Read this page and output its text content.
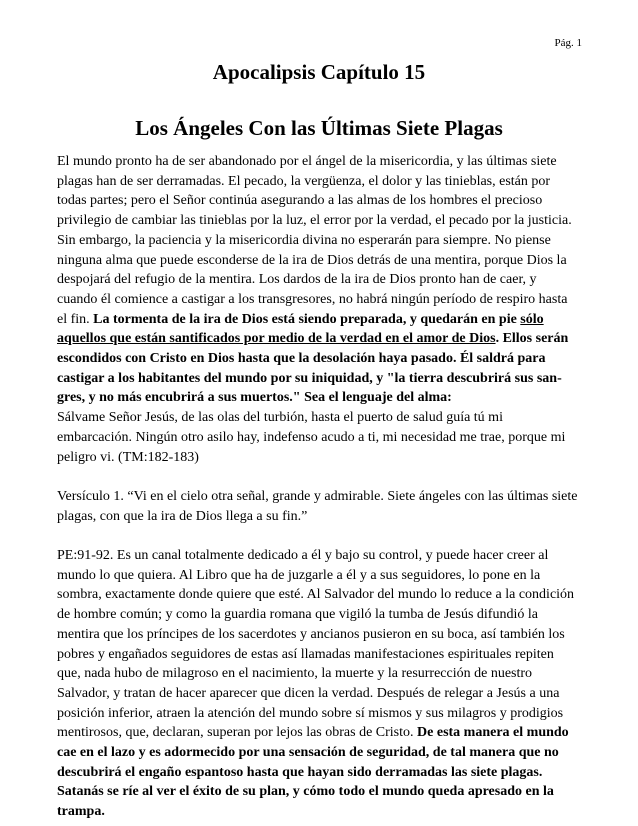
Pág. 1
Apocalipsis Capítulo 15
Los Ángeles Con las Últimas Siete Plagas

El mundo pronto ha de ser abandonado por el ángel de la misericordia, y las últimas siete plagas han de ser derramadas. El pecado, la vergüenza, el dolor y las tinieblas, están por todas partes; pero el Señor continúa asegurando a las almas de los hombres el precioso privilegio de cambiar las tinieblas por la luz, el error por la verdad, el pecado por la justicia. Sin embargo, la paciencia y la misericordia divina no esperarán para siempre. No piense ninguna alma que puede esconderse de la ira de Dios detrás de una mentira, porque Dios la despojará del refugio de la mentira. Los dardos de la ira de Dios pronto han de caer, y cuando él comience a castigar a los transgresores, no habrá ningún período de respiro hasta el fin. La tormenta de la ira de Dios está siendo preparada, y quedarán en pie sólo aquellos que están santificados por medio de la verdad en el amor de Dios. Ellos serán escondidos con Cristo en Dios hasta que la desolación haya pasado. Él saldrá para castigar a los habitantes del mundo por su iniquidad, y "la tierra descubrirá sus san-gres, y no más encubrirá a sus muertos." Sea el lenguaje del alma:

Sálvame Señor Jesús, de las olas del turbión, hasta el puerto de salud guía tú mi embarcación. Ningún otro asilo hay, indefenso acudo a ti, mi necesidad me trae, porque mi peligro vi. (TM:182-183)

Versículo 1. “Vi en el cielo otra señal, grande y admirable. Siete ángeles con las últimas siete plagas, con que la ira de Dios llega a su fin.”

PE:91-92. Es un canal totalmente dedicado a él y bajo su control, y puede hacer creer al mundo lo que quiera. Al Libro que ha de juzgarle a él y a sus seguidores, lo pone en la sombra, exactamente donde quiere que esté. Al Salvador del mundo lo reduce a la condición de hombre común; y como la guardia romana que vigiló la tumba de Jesús difundió la mentira que los príncipes de los sacerdotes y ancianos pusieron en su boca, así también los pobres y engañados seguidores de estas así llamadas manifestaciones espirituales repiten que, nada hubo de milagroso en el nacimiento, la muerte y la resurrección de nuestro Salvador, y tratan de hacer aparecer que dicen la verdad. Después de relegar a Jesús a una posición inferior, atraen la atención del mundo sobre sí mismos y sus milagros y prodigios mentirosos, que, declaran, superan por lejos las obras de Cristo. De esta manera el mundo cae en el lazo y es adormecido por una sensación de seguridad, de tal manera que no descubrirá el engaño espantoso hasta que hayan sido derramadas las siete plagas. Satanás se ríe al ver el éxito de su plan, y cómo todo el mundo queda apresado en la trampa.
